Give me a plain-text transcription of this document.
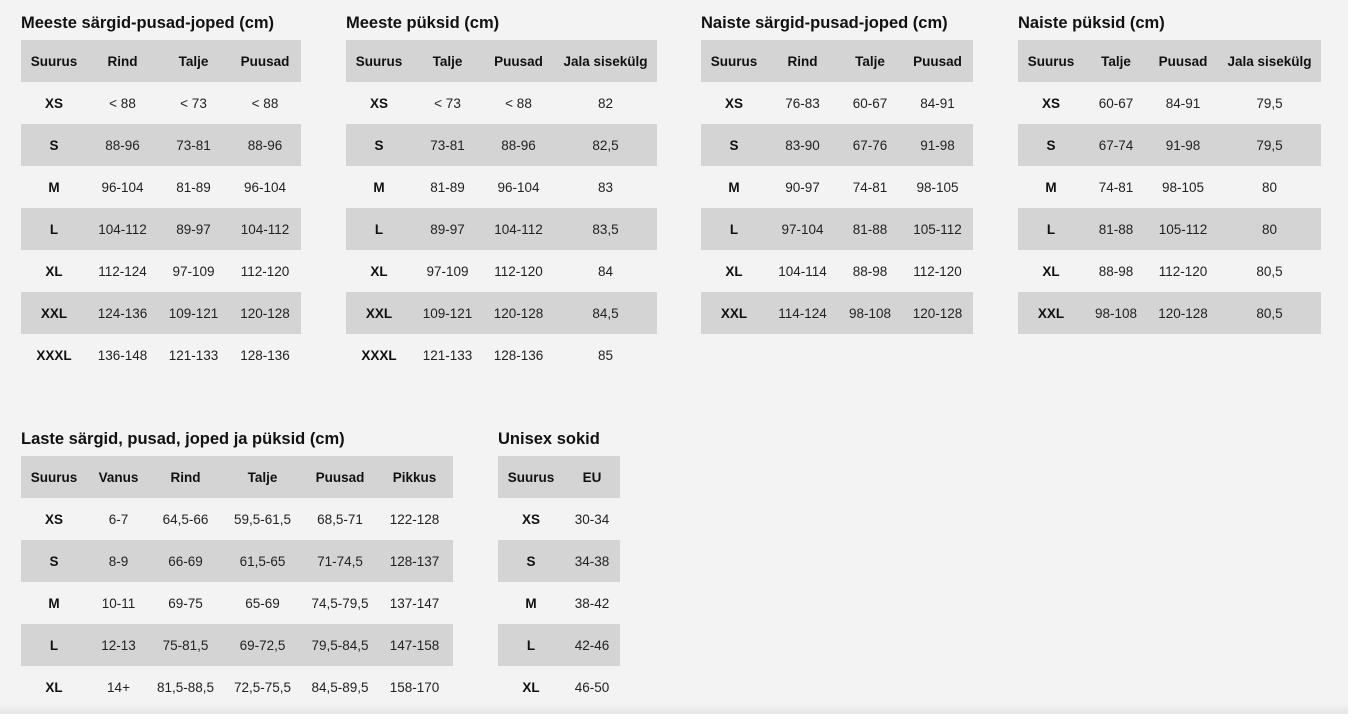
Meeste särgid-pusad-joped (cm)
Suurus	Rind	Talje	Puusad
XS	< 88	< 73	< 88
S	88-96	73-81	88-96
M	96-104	81-89	96-104
L	104-112	89-97	104-112
XL	112-124	97-109	112-120
XXL	124-136	109-121	120-128
XXXL	136-148	121-133	128-136
Meeste püksid (cm)
Suurus	Talje	Puusad	Jala sisekülg
XS	< 73	< 88	82
S	73-81	88-96	82,5
M	81-89	96-104	83
L	89-97	104-112	83,5
XL	97-109	112-120	84
XXL	109-121	120-128	84,5
XXXL	121-133	128-136	85
Naiste särgid-pusad-joped (cm)
Suurus	Rind	Talje	Puusad
XS	76-83	60-67	84-91
S	83-90	67-76	91-98
M	90-97	74-81	98-105
L	97-104	81-88	105-112
XL	104-114	88-98	112-120
XXL	114-124	98-108	120-128
Naiste püksid (cm)
Suurus	Talje	Puusad	Jala sisekülg
XS	60-67	84-91	79,5
S	67-74	91-98	79,5
M	74-81	98-105	80
L	81-88	105-112	80
XL	88-98	112-120	80,5
XXL	98-108	120-128	80,5
Laste särgid, pusad, joped ja püksid (cm)
Suurus	Vanus	Rind	Talje	Puusad	Pikkus
XS	6-7	64,5-66	59,5-61,5	68,5-71	122-128
S	8-9	66-69	61,5-65	71-74,5	128-137
M	10-11	69-75	65-69	74,5-79,5	137-147
L	12-13	75-81,5	69-72,5	79,5-84,5	147-158
XL	14+	81,5-88,5	72,5-75,5	84,5-89,5	158-170
Unisex sokid
Suurus	EU
XS	30-34
S	34-38
M	38-42
L	42-46
XL	46-50
